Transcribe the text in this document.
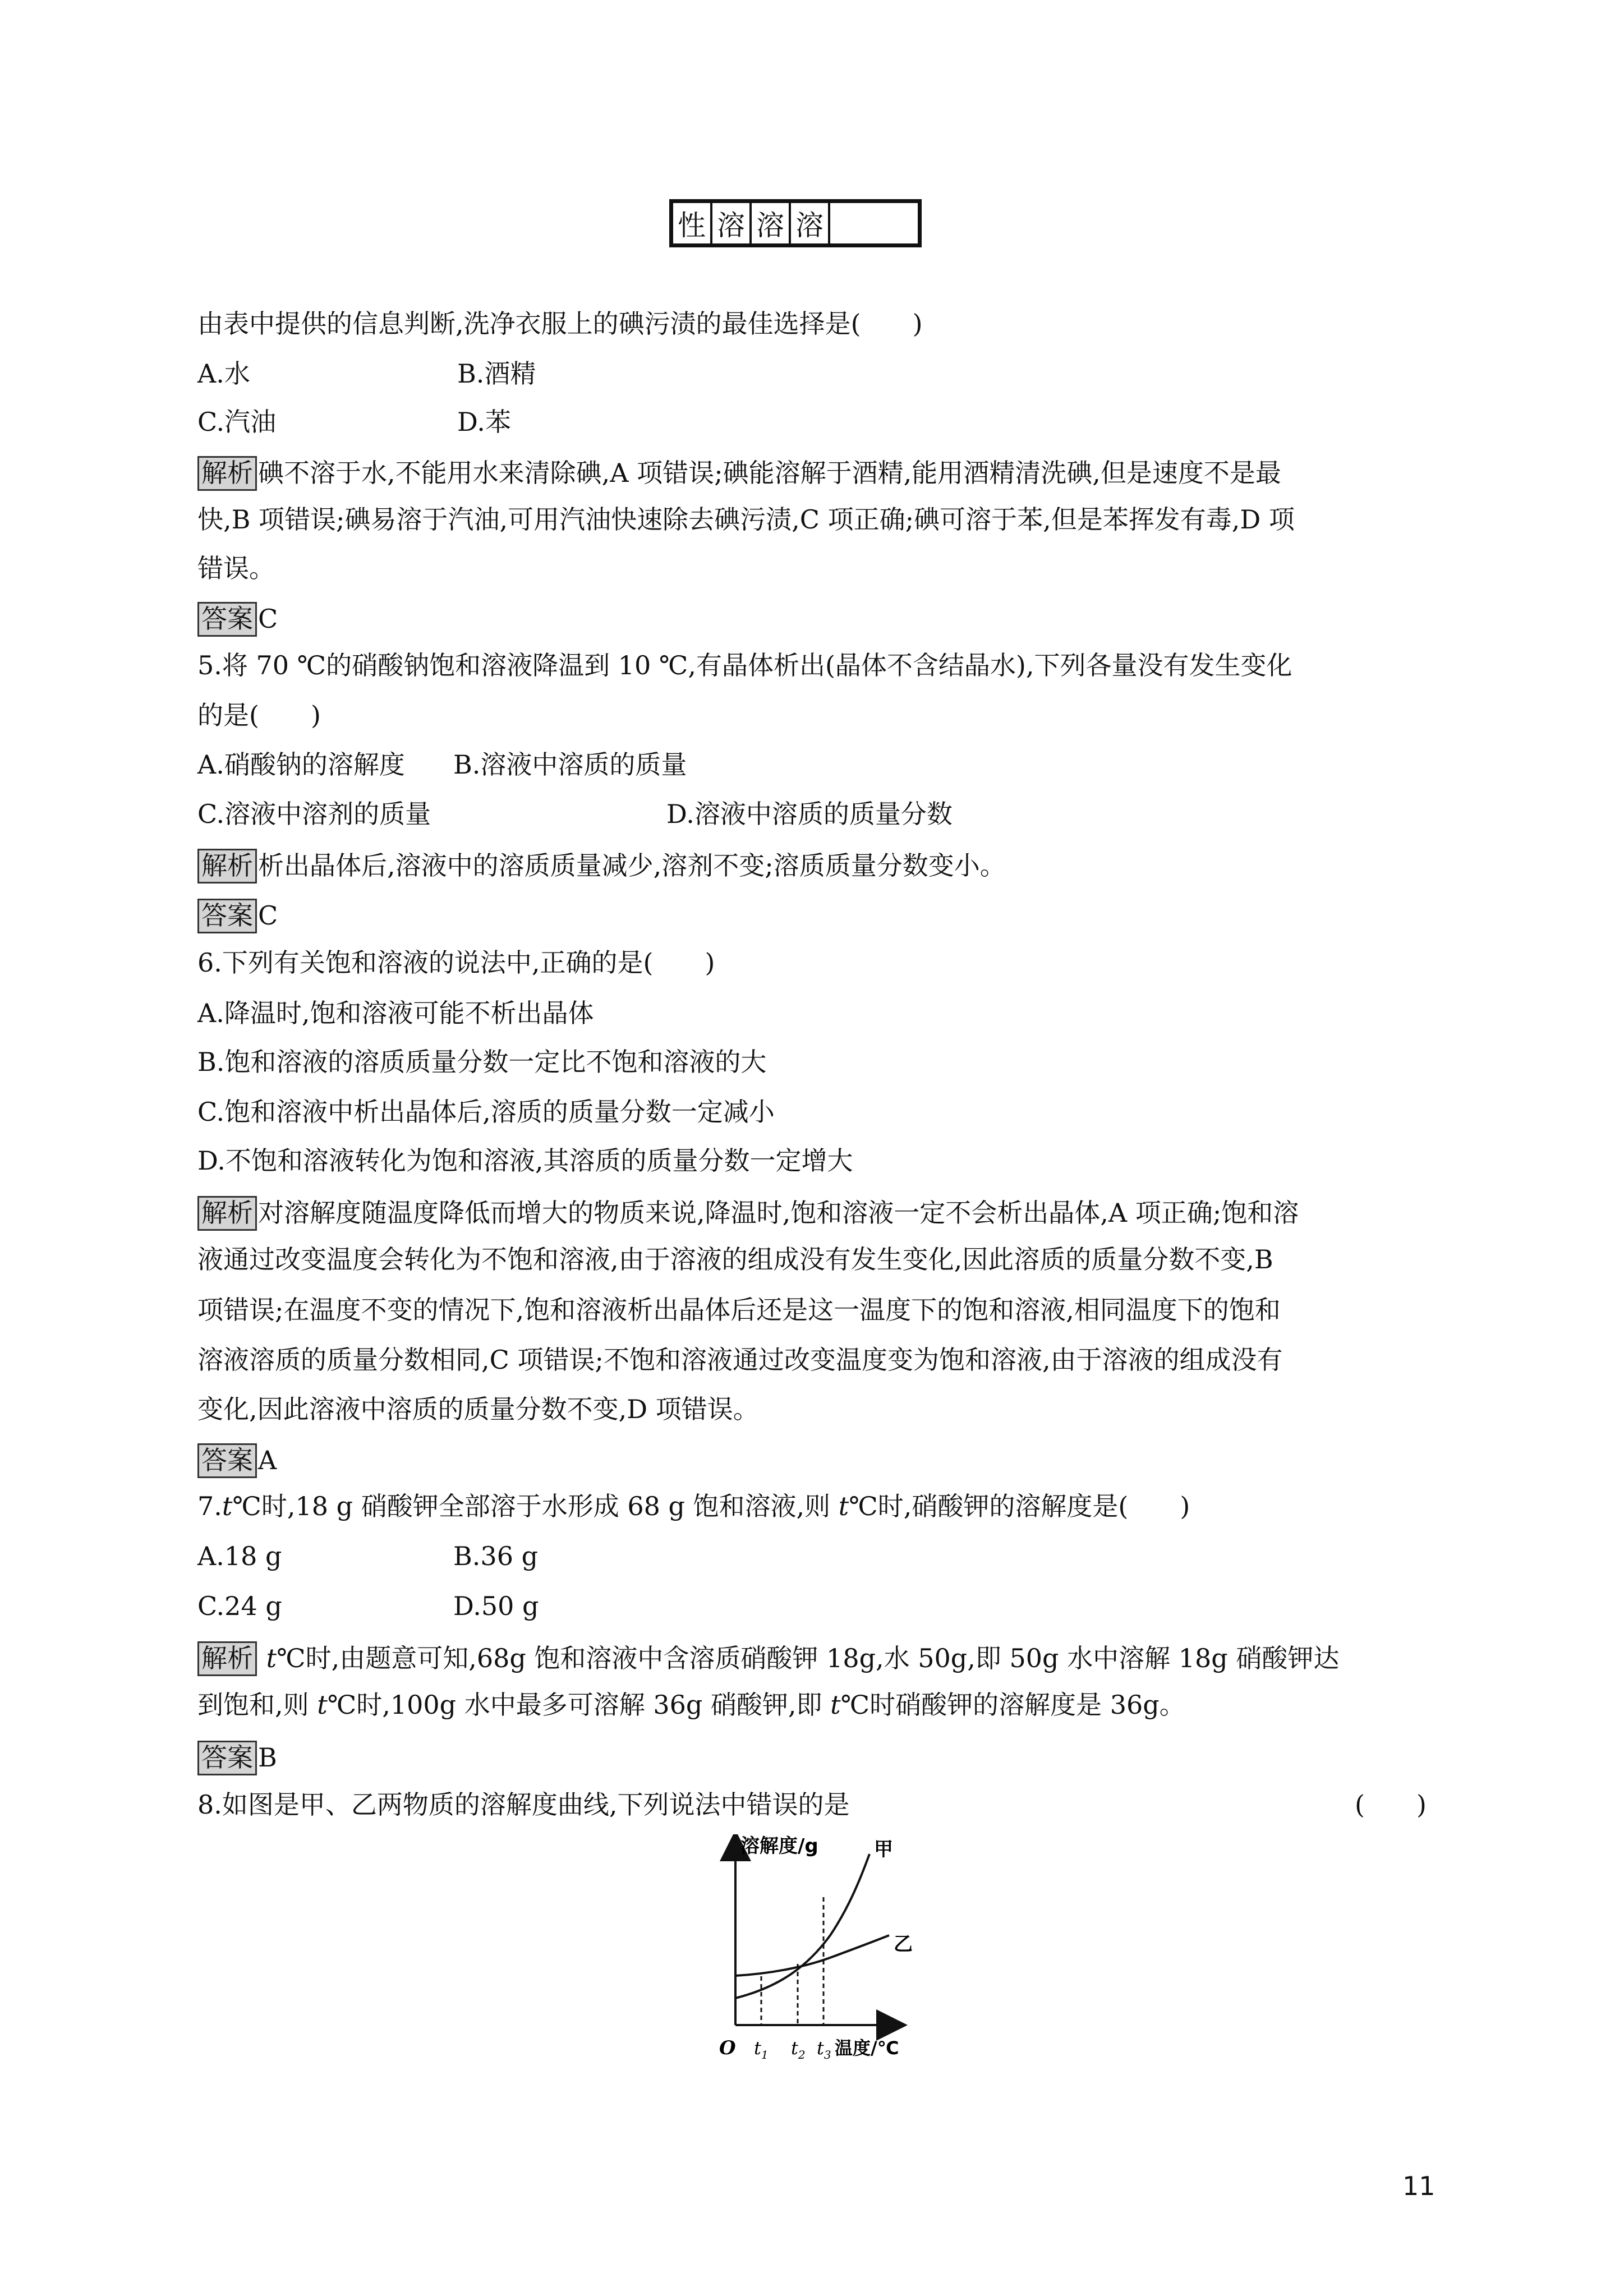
性	溶	溶	溶	
由表中提供的信息判断,洗净衣服上的碘污渍的最佳选择是(　　)
A.水	B.酒精
C.汽油	D.苯
解析 碘不溶于水,不能用水来清除碘,A 项错误;碘能溶解于酒精,能用酒精清洗碘,但是速度不是最
快,B 项错误;碘易溶于汽油,可用汽油快速除去碘污渍,C 项正确;碘可溶于苯,但是苯挥发有毒,D 项
错误。
答案 C
5.将 70 ℃的硝酸钠饱和溶液降温到 10 ℃,有晶体析出(晶体不含结晶水),下列各量没有发生变化
的是(　　)
A.硝酸钠的溶解度 B.溶液中溶质的质量
C.溶液中溶剂的质量	D.溶液中溶质的质量分数
解析 析出晶体后,溶液中的溶质质量减少,溶剂不变;溶质质量分数变小。
答案 C
6.下列有关饱和溶液的说法中,正确的是(　　)
A.降温时,饱和溶液可能不析出晶体
B.饱和溶液的溶质质量分数一定比不饱和溶液的大
C.饱和溶液中析出晶体后,溶质的质量分数一定减小
D.不饱和溶液转化为饱和溶液,其溶质的质量分数一定增大
解析 对溶解度随温度降低而增大的物质来说,降温时,饱和溶液一定不会析出晶体,A 项正确;饱和溶
液通过改变温度会转化为不饱和溶液,由于溶液的组成没有发生变化,因此溶质的质量分数不变,B
项错误;在温度不变的情况下,饱和溶液析出晶体后还是这一温度下的饱和溶液,相同温度下的饱和
溶液溶质的质量分数相同,C 项错误;不饱和溶液通过改变温度变为饱和溶液,由于溶液的组成没有
变化,因此溶液中溶质的质量分数不变,D 项错误。
答案 A
7.t℃时,18 g 硝酸钾全部溶于水形成 68 g 饱和溶液,则 t℃时,硝酸钾的溶解度是(　　)
A.18 g	B.36 g
C.24 g	D.50 g
解析 t℃时,由题意可知,68g 饱和溶液中含溶质硝酸钾 18g,水 50g,即 50g 水中溶解 18g 硝酸钾达
到饱和,则 t℃时,100g 水中最多可溶解 36g 硝酸钾,即 t℃时硝酸钾的溶解度是 36g。
答案 B
8.如图是甲、乙两物质的溶解度曲线,下列说法中错误的是	(　　)
溶解度/g	甲
乙
O $t_1$ $t_2$ $t_3$ 温度/℃
11
